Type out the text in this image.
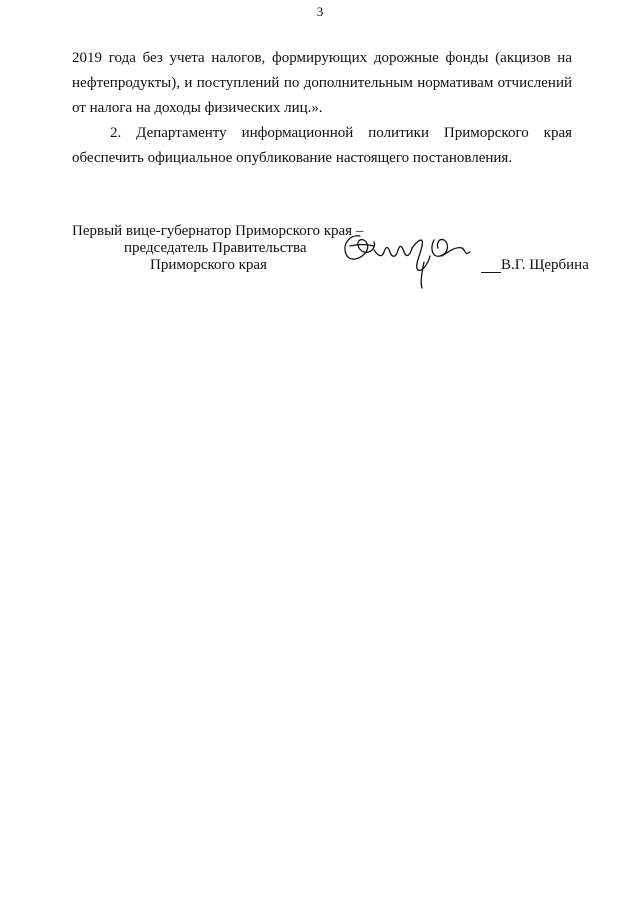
3

2019 года без учета налогов, формирующих дорожные фонды (акцизов на нефтепродукты), и поступлений по дополнительным нормативам отчислений от налога на доходы физических лиц.».

2. Департаменту информационной политики Приморского края обеспечить официальное опубликование настоящего постановления.

Первый вице-губернатор Приморского края –
председатель Правительства
Приморского края	В.Г. Щербина
